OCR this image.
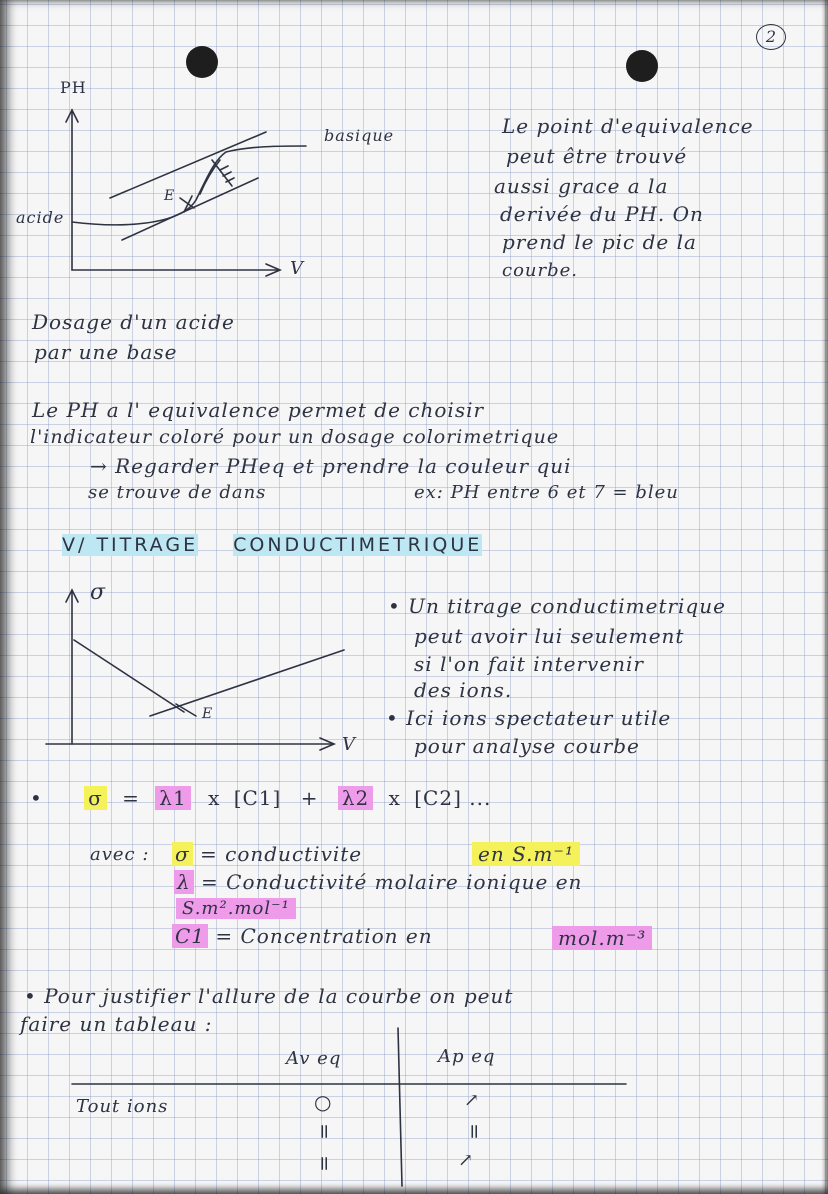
2
PH
V
acide
basique
E
Le point d'equivalence
peut être trouvé
aussi grace a la
derivée du PH. On
prend le pic de la
courbe.
Dosage d'un acide
par une base
Le PH a l' equivalence permet de choisir
l'indicateur coloré pour un dosage colorimetrique
→ Regarder PHeq et prendre la couleur qui
se trouve de dans	ex: PH entre 6 et 7 = bleu
V/ TITRAGE CONDUCTIMETRIQUE
σ
V
E
• Un titrage conductimetrique
peut avoir lui seulement
si l'on fait intervenir
des ions.
• Ici ions spectateur utile
pour analyse courbe
• σ = λ1 x [C1] + λ2 x [C2] ...
avec : σ = conductivite	en S.m⁻¹
λ = Conductivité molaire ionique en
S.m².mol⁻¹
C1 = Concentration en	mol.m⁻³
• Pour justifier l'allure de la courbe on peut
faire un tableau :
Av eq	Ap eq
Tout ions	○	↗
=	=
=	↗
